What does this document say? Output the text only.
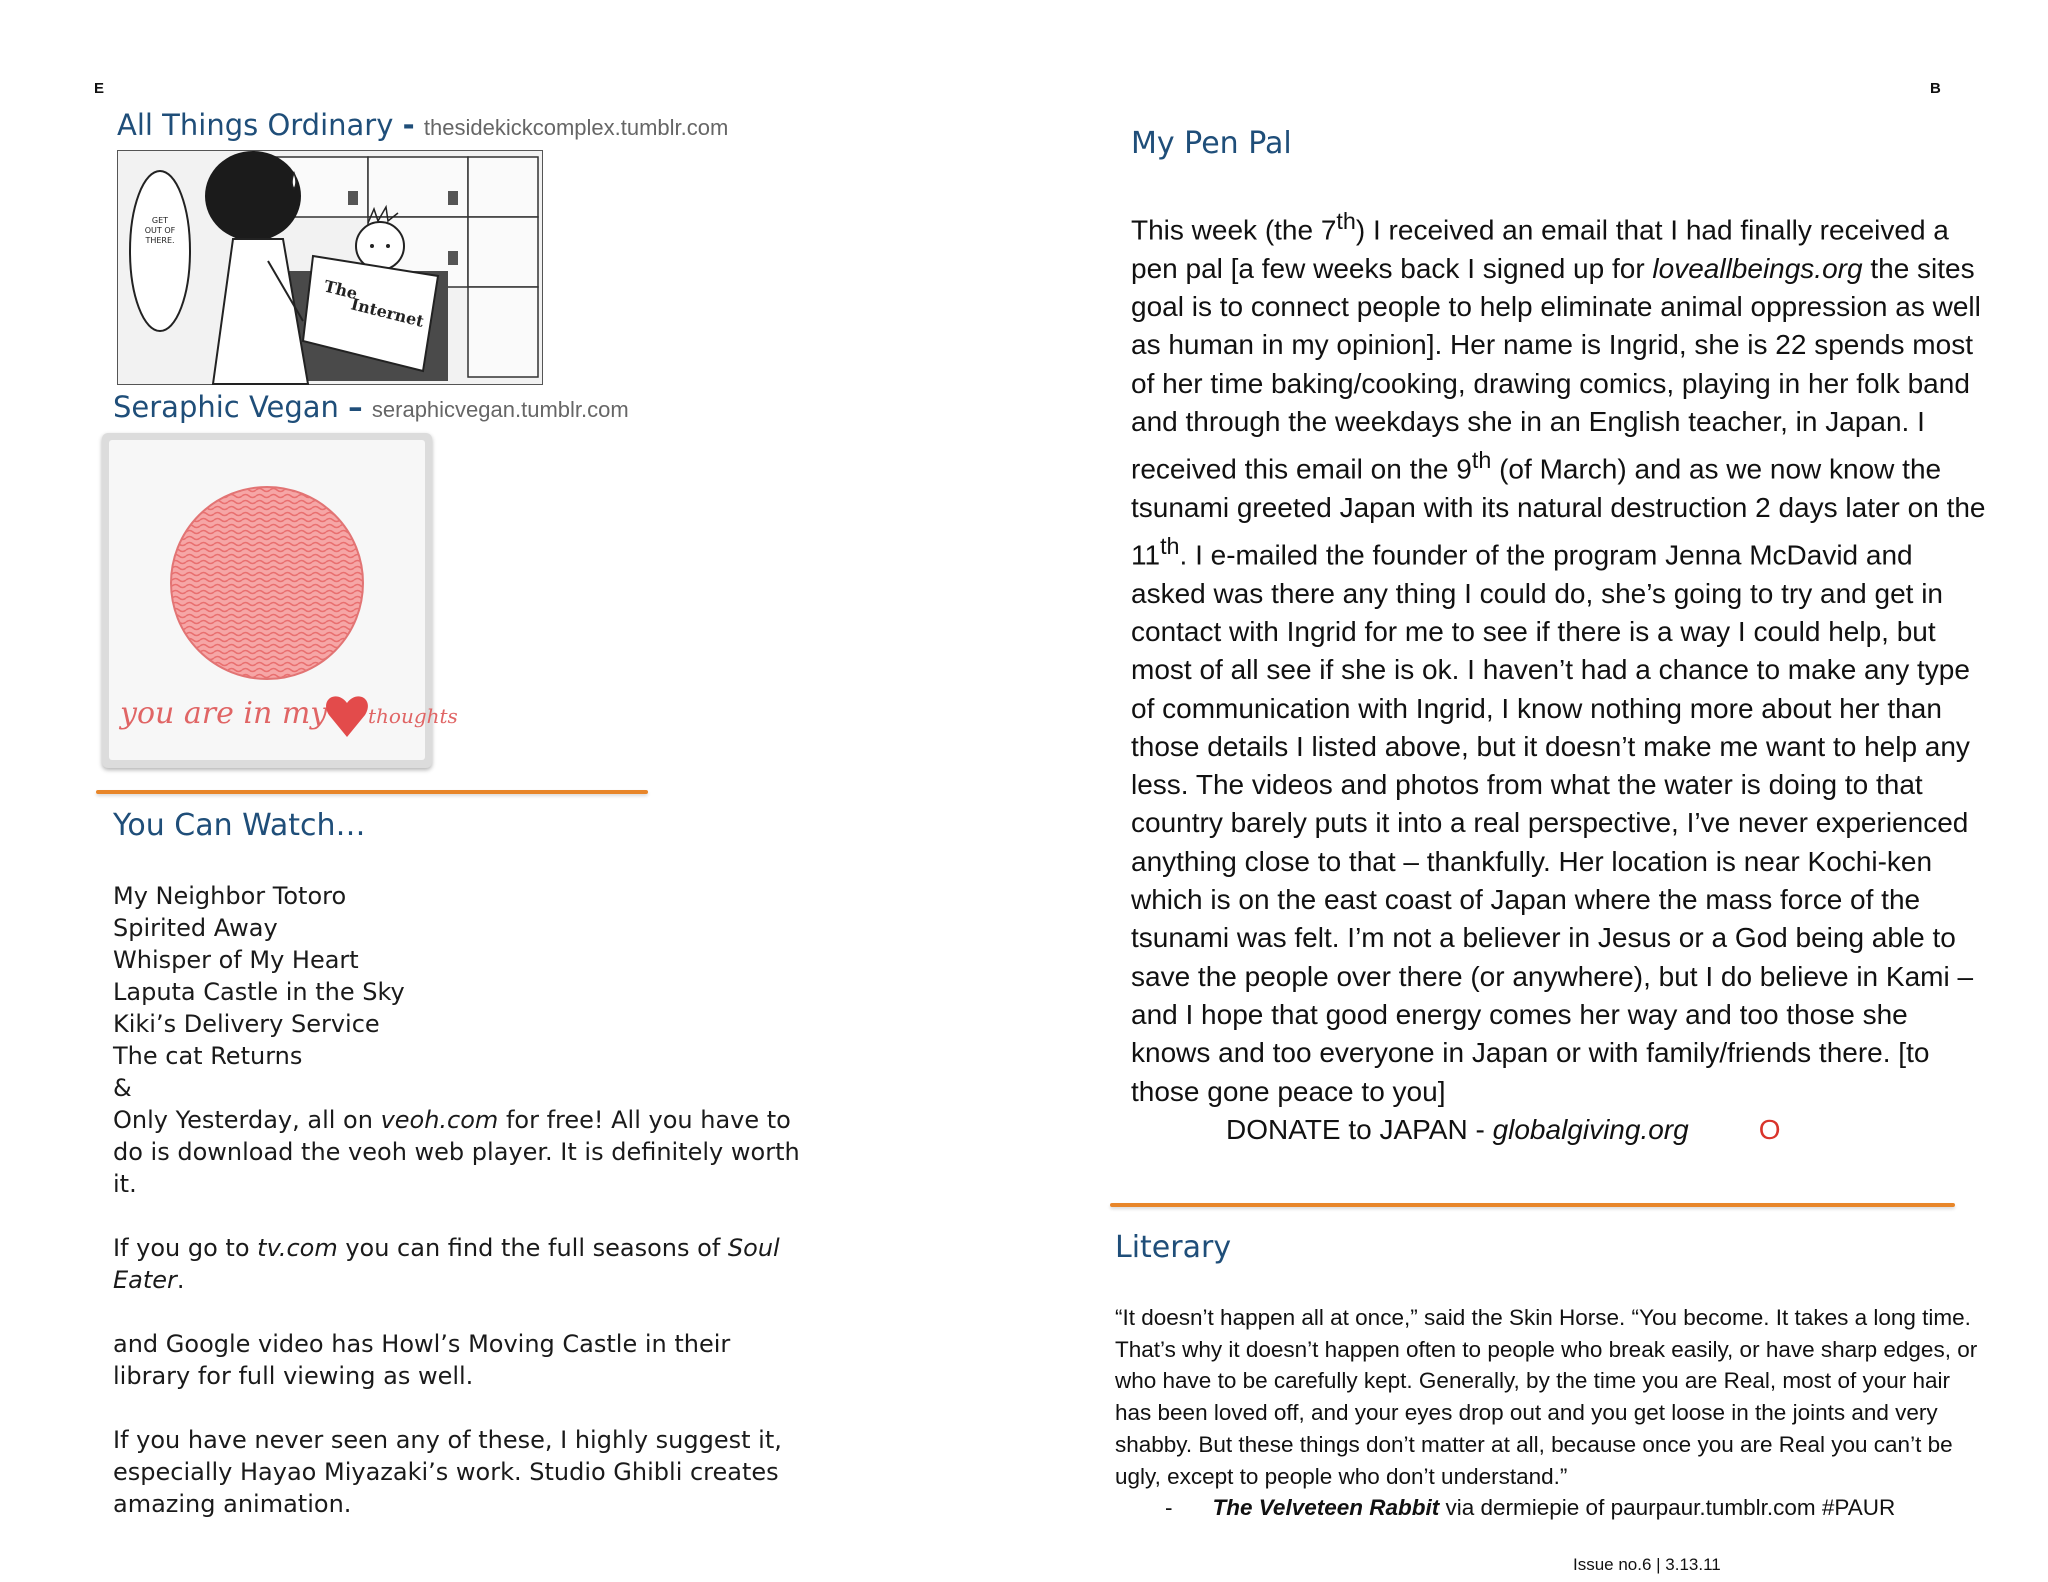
E
All Things Ordinary - thesidekickcomplex.tumblr.com
GET
OUT OF
THERE.
The
Internet
Seraphic Vegan – seraphicvegan.tumblr.com
you are in my thoughts
You Can Watch…

My Neighbor Totoro

Spirited Away

Whisper of My Heart

Laputa Castle in the Sky

Kiki’s Delivery Service

The cat Returns

&

Only Yesterday, all on veoh.com for free! All you have to do is download the veoh web player. It is definitely worth it.

If you go to tv.com you can find the full seasons of Soul Eater.

and Google video has Howl’s Moving Castle in their library for full viewing as well.

If you have never seen any of these, I highly suggest it, especially Hayao Miyazaki’s work. Studio Ghibli creates amazing animation.

B
My Pen Pal

This week (the 7th) I received an email that I had finally received a pen pal [a few weeks back I signed up for loveallbeings.org the sites goal is to connect people to help eliminate animal oppression as well as human in my opinion]. Her name is Ingrid, she is 22 spends most of her time baking/cooking, drawing comics, playing in her folk band and through the weekdays she in an English teacher, in Japan. I received this email on the 9th (of March) and as we now know the tsunami greeted Japan with its natural destruction 2 days later on the 11th. I e-mailed the founder of the program Jenna McDavid and asked was there any thing I could do, she’s going to try and get in contact with Ingrid for me to see if there is a way I could help, but most of all see if she is ok. I haven’t had a chance to make any type of communication with Ingrid, I know nothing more about her than those details I listed above, but it doesn’t make me want to help any less. The videos and photos from what the water is doing to that country barely puts it into a real perspective, I’ve never experienced anything close to that – thankfully. Her location is near Kochi-ken which is on the east coast of Japan where the mass force of the tsunami was felt. I’m not a believer in Jesus or a God being able to save the people over there (or anywhere), but I do believe in Kami – and I hope that good energy comes her way and too those she knows and too everyone in Japan or with family/friends there. [to those gone peace to you]

DONATE to JAPAN - globalgiving.org	O

Literary

“It doesn’t happen all at once,” said the Skin Horse. “You become. It takes a long time. That’s why it doesn’t happen often to people who break easily, or have sharp edges, or who have to be carefully kept. Generally, by the time you are Real, most of your hair has been loved off, and your eyes drop out and you get loose in the joints and very shabby. But these things don’t matter at all, because once you are Real you can’t be ugly, except to people who don’t understand.”

- The Velveteen Rabbit via dermiepie of paurpaur.tumblr.com #PAUR

Issue no.6 | 3.13.11
